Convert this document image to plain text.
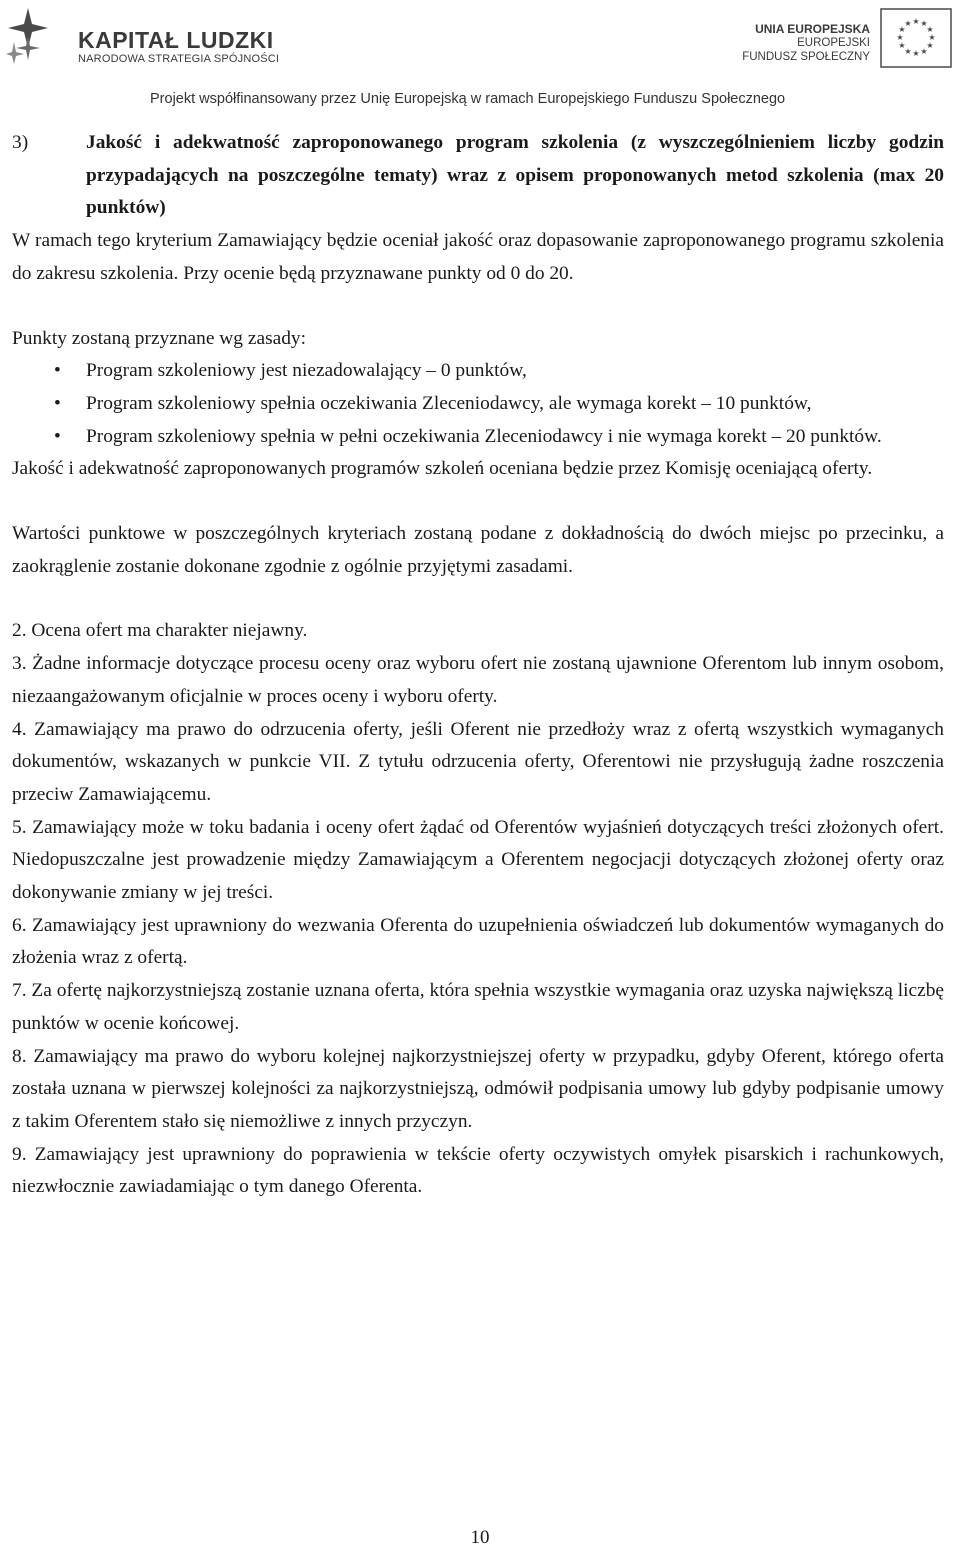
KAPITAŁ LUDZKI
NARODOWA STRATEGIA SPÓJNOŚCI
UNIA EUROPEJSKA
EUROPEJSKI
FUNDUSZ SPOŁECZNY
★ ★
★
★
★
★
★
★
★
★
★
★
Projekt współfinansowany przez Unię Europejską w ramach Europejskiego Funduszu Społecznego
3)	Jakość i adekwatność zaproponowanego program szkolenia (z wyszczególnieniem liczby godzin przypadających na poszczególne tematy) wraz z opisem proponowanych metod szkolenia (max 20 punktów)

W ramach tego kryterium Zamawiający będzie oceniał jakość oraz dopasowanie zaproponowanego programu szkolenia do zakresu szkolenia. Przy ocenie będą przyznawane punkty od 0 do 20.

Punkty zostaną przyznane wg zasady:

• Program szkoleniowy jest niezadowalający – 0 punktów,
• Program szkoleniowy spełnia oczekiwania Zleceniodawcy, ale wymaga korekt – 10 punktów,
• Program szkoleniowy spełnia w pełni oczekiwania Zleceniodawcy i nie wymaga korekt – 20 punktów.

Jakość i adekwatność zaproponowanych programów szkoleń oceniana będzie przez Komisję oceniającą oferty.

Wartości punktowe w poszczególnych kryteriach zostaną podane z dokładnością do dwóch miejsc po przecinku, a zaokrąglenie zostanie dokonane zgodnie z ogólnie przyjętymi zasadami.

2. Ocena ofert ma charakter niejawny.

3. Żadne informacje dotyczące procesu oceny oraz wyboru ofert nie zostaną ujawnione Oferentom lub innym osobom, niezaangażowanym oficjalnie w proces oceny i wyboru oferty.

4. Zamawiający ma prawo do odrzucenia oferty, jeśli Oferent nie przedłoży wraz z ofertą wszystkich wymaganych dokumentów, wskazanych w punkcie VII. Z tytułu odrzucenia oferty, Oferentowi nie przysługują żadne roszczenia przeciw Zamawiającemu.

5. Zamawiający może w toku badania i oceny ofert żądać od Oferentów wyjaśnień dotyczących treści złożonych ofert. Niedopuszczalne jest prowadzenie między Zamawiającym a Oferentem negocjacji dotyczących złożonej oferty oraz dokonywanie zmiany w jej treści.

6. Zamawiający jest uprawniony do wezwania Oferenta do uzupełnienia oświadczeń lub dokumentów wymaganych do złożenia wraz z ofertą.

7. Za ofertę najkorzystniejszą zostanie uznana oferta, która spełnia wszystkie wymagania oraz uzyska największą liczbę punktów w ocenie końcowej.

8. Zamawiający ma prawo do wyboru kolejnej najkorzystniejszej oferty w przypadku, gdyby Oferent, którego oferta została uznana w pierwszej kolejności za najkorzystniejszą, odmówił podpisania umowy lub gdyby podpisanie umowy z takim Oferentem stało się niemożliwe z innych przyczyn.

9. Zamawiający jest uprawniony do poprawienia w tekście oferty oczywistych omyłek pisarskich i rachunkowych, niezwłocznie zawiadamiając o tym danego Oferenta.

10
